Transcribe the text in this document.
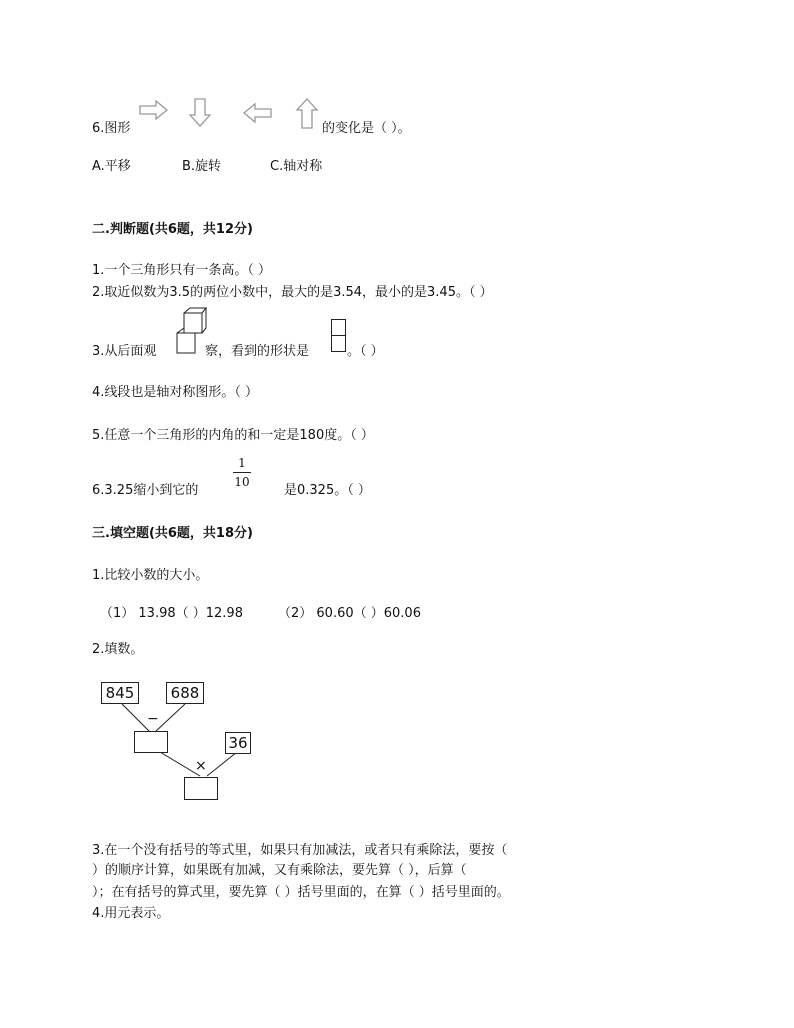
6.图形	的变化是（ ）。
A.平移	B.旋转	C.轴对称
二.判断题(共6题，共12分)
1.一个三角形只有一条高。（ ）
2.取近似数为3.5的两位小数中，最大的是3.54，最小的是3.45。（ ）
3.从后面观	察，看到的形状是	。（ ）
4.线段也是轴对称图形。（ ）
5.任意一个三角形的内角的和一定是180度。（ ）
6.3.25缩小到它的
1
10
是0.325。（ ）
三.填空题(共6题，共18分)
1.比较小数的大小。
（1） 13.98（ ）12.98	（2） 60.60（ ）60.06
2.填数。
845	688
−
36
×
3.在一个没有括号的等式里，如果只有加减法，或者只有乘除法，要按（
）的顺序计算，如果既有加减，又有乘除法，要先算（ ），后算（
）；在有括号的算式里，要先算（ ）括号里面的，在算（ ）括号里面的。
4.用元表示。
